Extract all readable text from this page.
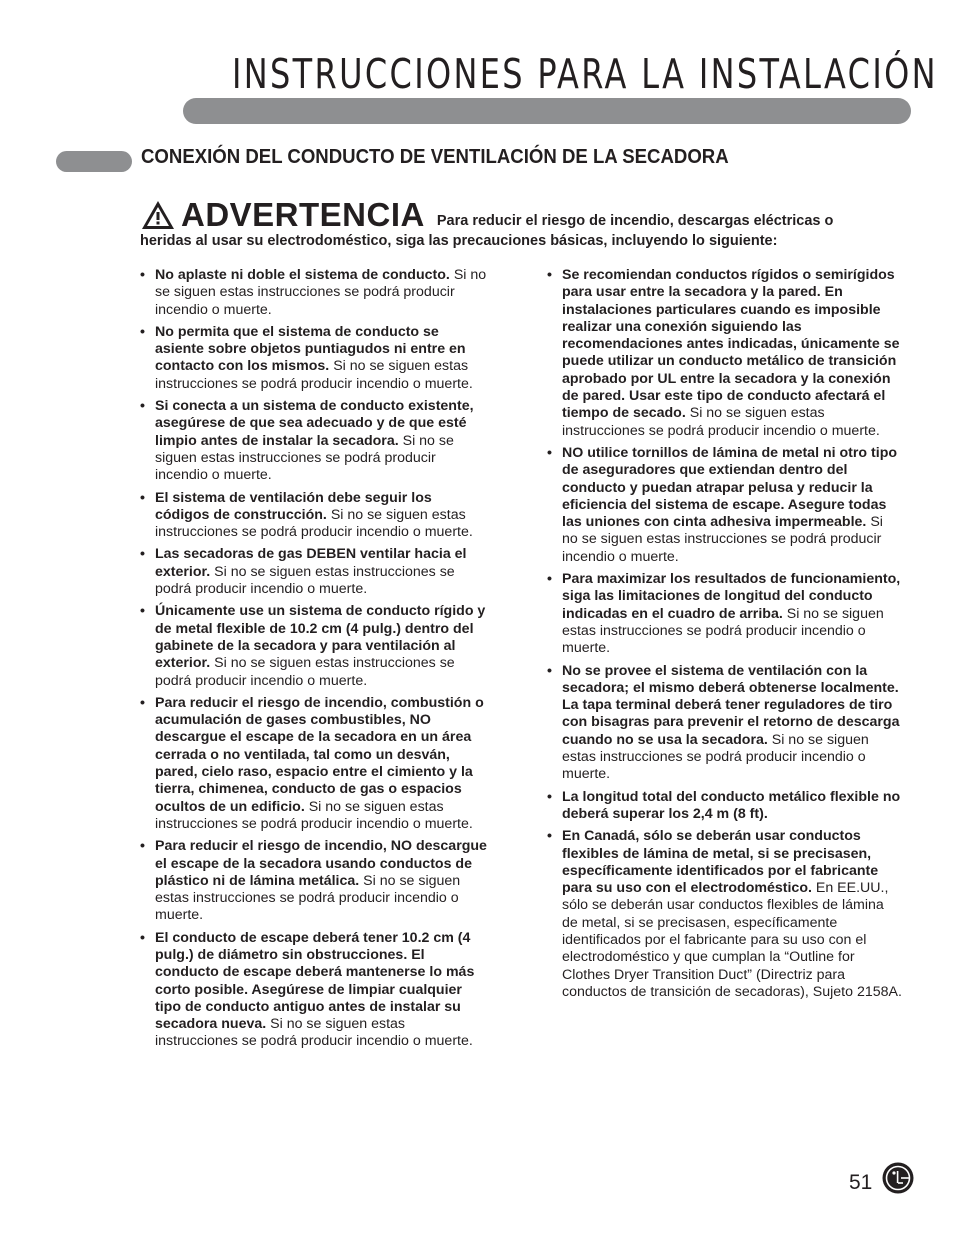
INSTRUCCIONES PARA LA INSTALACIÓN
CONEXIÓN DEL CONDUCTO DE VENTILACIÓN DE LA SECADORA
ADVERTENCIA Para reducir el riesgo de incendio, descargas eléctricas o
heridas al usar su electrodoméstico, siga las precauciones básicas, incluyendo lo siguiente:
• No aplaste ni doble el sistema de conducto. Si no se siguen estas instrucciones se podrá producir incendio o muerte.
• No permita que el sistema de conducto se asiente sobre objetos puntiagudos ni entre en contacto con los mismos. Si no se siguen estas instrucciones se podrá producir incendio o muerte.
• Si conecta a un sistema de conducto existente, asegúrese de que sea adecuado y de que esté limpio antes de instalar la secadora. Si no se siguen estas instrucciones se podrá producir incendio o muerte.
• El sistema de ventilación debe seguir los códigos de construcción. Si no se siguen estas instrucciones se podrá producir incendio o muerte.
• Las secadoras de gas DEBEN ventilar hacia el exterior. Si no se siguen estas instrucciones se podrá producir incendio o muerte.
• Únicamente use un sistema de conducto rígido y de metal flexible de 10.2 cm (4 pulg.) dentro del gabinete de la secadora y para ventilación al exterior. Si no se siguen estas instrucciones se podrá producir incendio o muerte.
• Para reducir el riesgo de incendio, combustión o acumulación de gases combustibles, NO descargue el escape de la secadora en un área cerrada o no ventilada, tal como un desván, pared, cielo raso, espacio entre el cimiento y la tierra, chimenea, conducto de gas o espacios ocultos de un edificio. Si no se siguen estas instrucciones se podrá producir incendio o muerte.
• Para reducir el riesgo de incendio, NO descargue el escape de la secadora usando conductos de plástico ni de lámina metálica. Si no se siguen estas instrucciones se podrá producir incendio o muerte.
• El conducto de escape deberá tener 10.2 cm (4 pulg.) de diámetro sin obstrucciones. El conducto de escape deberá mantenerse lo más corto posible. Asegúrese de limpiar cualquier tipo de conducto antiguo antes de instalar su secadora nueva. Si no se siguen estas instrucciones se podrá producir incendio o muerte.
• Se recomiendan conductos rígidos o semirígidos para usar entre la secadora y la pared. En instalaciones particulares cuando es imposible realizar una conexión siguiendo las recomendaciones antes indicadas, únicamente se puede utilizar un conducto metálico de transición aprobado por UL entre la secadora y la conexión de pared. Usar este tipo de conducto afectará el tiempo de secado. Si no se siguen estas instrucciones se podrá producir incendio o muerte.
• NO utilice tornillos de lámina de metal ni otro tipo de aseguradores que extiendan dentro del conducto y puedan atrapar pelusa y reducir la eficiencia del sistema de escape. Asegure todas las uniones con cinta adhesiva impermeable. Si no se siguen estas instrucciones se podrá producir incendio o muerte.
• Para maximizar los resultados de funcionamiento, siga las limitaciones de longitud del conducto indicadas en el cuadro de arriba. Si no se siguen estas instrucciones se podrá producir incendio o muerte.
• No se provee el sistema de ventilación con la secadora; el mismo deberá obtenerse localmente. La tapa terminal deberá tener reguladores de tiro con bisagras para prevenir el retorno de descarga cuando no se usa la secadora. Si no se siguen estas instrucciones se podrá producir incendio o muerte.
• La longitud total del conducto metálico flexible no deberá superar los 2,4 m (8 ft).
• En Canadá, sólo se deberán usar conductos flexibles de lámina de metal, si se precisasen, específicamente identificados por el fabricante para su uso con el electrodoméstico. En EE.UU., sólo se deberán usar conductos flexibles de lámina de metal, si se precisasen, específicamente identificados por el fabricante para su uso con el electrodoméstico y que cumplan la “Outline for Clothes Dryer Transition Duct” (Directriz para conductos de transición de secadoras), Sujeto 2158A.
51
